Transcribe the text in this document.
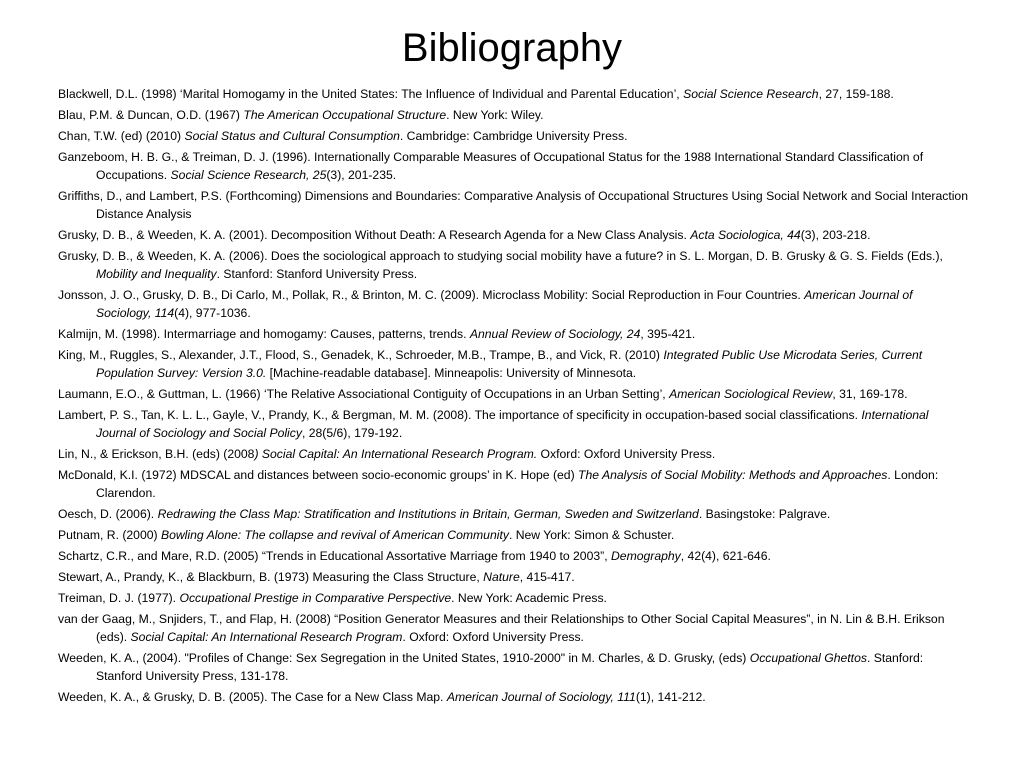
Bibliography
Blackwell, D.L. (1998) ‘Marital Homogamy in the United States: The Influence of Individual and Parental Education’, Social Science Research, 27, 159-188.
Blau, P.M. & Duncan, O.D. (1967) The American Occupational Structure. New York: Wiley.
Chan, T.W. (ed) (2010) Social Status and Cultural Consumption. Cambridge: Cambridge University Press.
Ganzeboom, H. B. G., & Treiman, D. J. (1996). Internationally Comparable Measures of Occupational Status for the 1988 International Standard Classification of Occupations. Social Science Research, 25(3), 201-235.
Griffiths, D., and Lambert, P.S. (Forthcoming) Dimensions and Boundaries: Comparative Analysis of Occupational Structures Using Social Network and Social Interaction Distance Analysis
Grusky, D. B., & Weeden, K. A. (2001). Decomposition Without Death: A Research Agenda for a New Class Analysis. Acta Sociologica, 44(3), 203-218.
Grusky, D. B., & Weeden, K. A. (2006). Does the sociological approach to studying social mobility have a future? in S. L. Morgan, D. B. Grusky & G. S. Fields (Eds.), Mobility and Inequality. Stanford: Stanford University Press.
Jonsson, J. O., Grusky, D. B., Di Carlo, M., Pollak, R., & Brinton, M. C. (2009). Microclass Mobility: Social Reproduction in Four Countries. American Journal of Sociology, 114(4), 977-1036.
Kalmijn, M. (1998). Intermarriage and homogamy: Causes, patterns, trends. Annual Review of Sociology, 24, 395-421.
King, M., Ruggles, S., Alexander, J.T., Flood, S., Genadek, K., Schroeder, M.B., Trampe, B., and Vick, R. (2010) Integrated Public Use Microdata Series, Current Population Survey: Version 3.0. [Machine-readable database]. Minneapolis: University of Minnesota.
Laumann, E.O., & Guttman, L. (1966) ‘The Relative Associational Contiguity of Occupations in an Urban Setting’, American Sociological Review, 31, 169-178.
Lambert, P. S., Tan, K. L. L., Gayle, V., Prandy, K., & Bergman, M. M. (2008). The importance of specificity in occupation-based social classifications. International Journal of Sociology and Social Policy, 28(5/6), 179-192.
Lin, N., & Erickson, B.H. (eds) (2008) Social Capital: An International Research Program. Oxford: Oxford University Press.
McDonald, K.I. (1972) MDSCAL and distances between socio-economic groups’ in K. Hope (ed) The Analysis of Social Mobility: Methods and Approaches. London: Clarendon.
Oesch, D. (2006). Redrawing the Class Map: Stratification and Institutions in Britain, German, Sweden and Switzerland. Basingstoke: Palgrave.
Putnam, R. (2000) Bowling Alone: The collapse and revival of American Community. New York: Simon & Schuster.
Schartz, C.R., and Mare, R.D. (2005) “Trends in Educational Assortative Marriage from 1940 to 2003”, Demography, 42(4), 621-646.
Stewart, A., Prandy, K., & Blackburn, B. (1973) Measuring the Class Structure, Nature, 415-417.
Treiman, D. J. (1977). Occupational Prestige in Comparative Perspective. New York: Academic Press.
van der Gaag, M., Snjiders, T., and Flap, H. (2008) “Position Generator Measures and their Relationships to Other Social Capital Measures”, in N. Lin & B.H. Erikson (eds). Social Capital: An International Research Program. Oxford: Oxford University Press.
Weeden, K. A., (2004). "Profiles of Change: Sex Segregation in the United States, 1910-2000" in M. Charles, & D. Grusky, (eds) Occupational Ghettos. Stanford: Stanford University Press, 131-178.
Weeden, K. A., & Grusky, D. B. (2005). The Case for a New Class Map. American Journal of Sociology, 111(1), 141-212.
